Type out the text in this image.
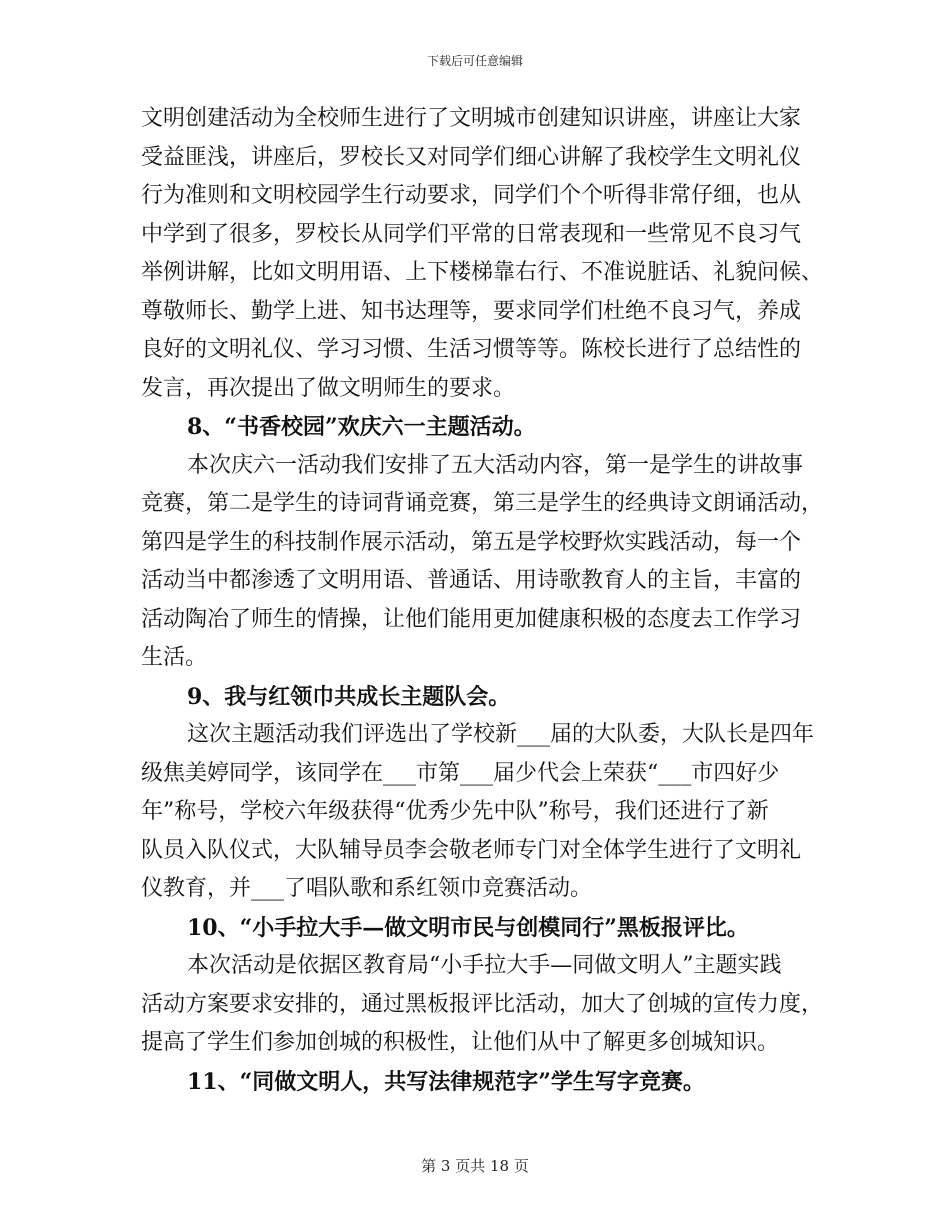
下载后可任意编辑
文明创建活动为全校师生进行了文明城市创建知识讲座，讲座让大家
受益匪浅，讲座后，罗校长又对同学们细心讲解了我校学生文明礼仪
行为准则和文明校园学生行动要求，同学们个个听得非常仔细，也从
中学到了很多，罗校长从同学们平常的日常表现和一些常见不良习气
举例讲解，比如文明用语、上下楼梯靠右行、不准说脏话、礼貌问候、
尊敬师长、勤学上进、知书达理等，要求同学们杜绝不良习气，养成
良好的文明礼仪、学习习惯、生活习惯等等。陈校长进行了总结性的
发言，再次提出了做文明师生的要求。
8、“书香校园”欢庆六一主题活动。
本次庆六一活动我们安排了五大活动内容，第一是学生的讲故事
竞赛，第二是学生的诗词背诵竞赛，第三是学生的经典诗文朗诵活动，
第四是学生的科技制作展示活动，第五是学校野炊实践活动，每一个
活动当中都渗透了文明用语、普通话、用诗歌教育人的主旨，丰富的
活动陶冶了师生的情操，让他们能用更加健康积极的态度去工作学习
生活。
9、我与红领巾共成长主题队会。
这次主题活动我们评选出了学校新___届的大队委，大队长是四年
级焦美婷同学，该同学在___市第___届少代会上荣获“___市四好少
年”称号，学校六年级获得“优秀少先中队”称号，我们还进行了新
队员入队仪式，大队辅导员李会敬老师专门对全体学生进行了文明礼
仪教育，并___了唱队歌和系红领巾竞赛活动。
10、“小手拉大手—做文明市民与创模同行”黑板报评比。
本次活动是依据区教育局“小手拉大手—同做文明人”主题实践
活动方案要求安排的，通过黑板报评比活动，加大了创城的宣传力度，
提高了学生们参加创城的积极性，让他们从中了解更多创城知识。
11、“同做文明人，共写法律规范字”学生写字竞赛。
第 3 页共 18 页
